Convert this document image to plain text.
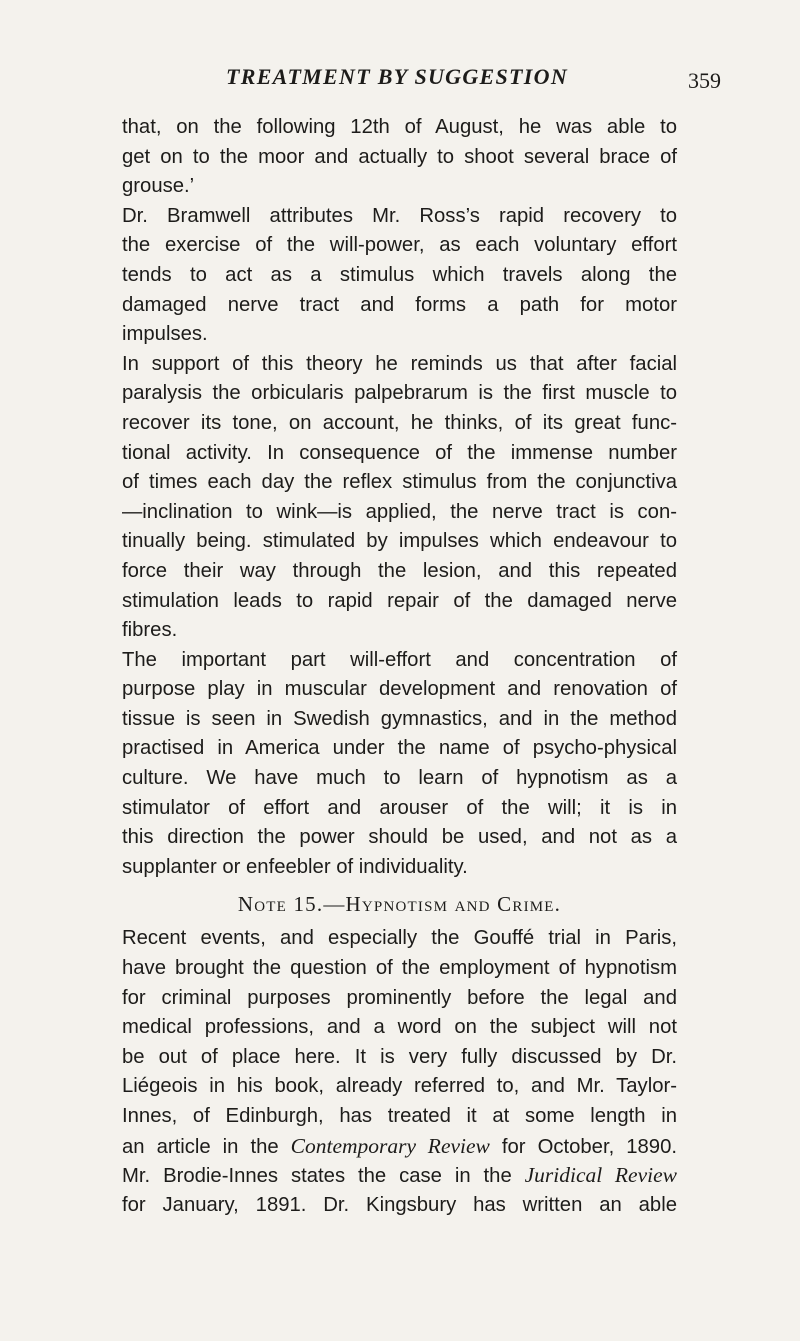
TREATMENT BY SUGGESTION	359
that, on the following 12th of August, he was able to
get on to the moor and actually to shoot several brace of
grouse.’
Dr. Bramwell attributes Mr. Ross’s rapid recovery to
the exercise of the will-power, as each voluntary effort
tends to act as a stimulus which travels along the
damaged nerve tract and forms a path for motor
impulses.
In support of this theory he reminds us that after facial
paralysis the orbicularis palpebrarum is the first muscle to
recover its tone, on account, he thinks, of its great func-
tional activity. In consequence of the immense number
of times each day the reflex stimulus from the conjunctiva
—inclination to wink—is applied, the nerve tract is con-
tinually being. stimulated by impulses which endeavour to
force their way through the lesion, and this repeated
stimulation leads to rapid repair of the damaged nerve
fibres.
The important part will-effort and concentration of
purpose play in muscular development and renovation of
tissue is seen in Swedish gymnastics, and in the method
practised in America under the name of psycho-physical
culture. We have much to learn of hypnotism as a
stimulator of effort and arouser of the will; it is in
this direction the power should be used, and not as a
supplanter or enfeebler of individuality.
Note 15.—Hypnotism and Crime.
Recent events, and especially the Gouffé trial in Paris,
have brought the question of the employment of hypnotism
for criminal purposes prominently before the legal and
medical professions, and a word on the subject will not
be out of place here. It is very fully discussed by Dr.
Liégeois in his book, already referred to, and Mr. Taylor-
Innes, of Edinburgh, has treated it at some length in
an article in the Contemporary Review for October, 1890.
Mr. Brodie-Innes states the case in the Juridical Review
for January, 1891. Dr. Kingsbury has written an able
